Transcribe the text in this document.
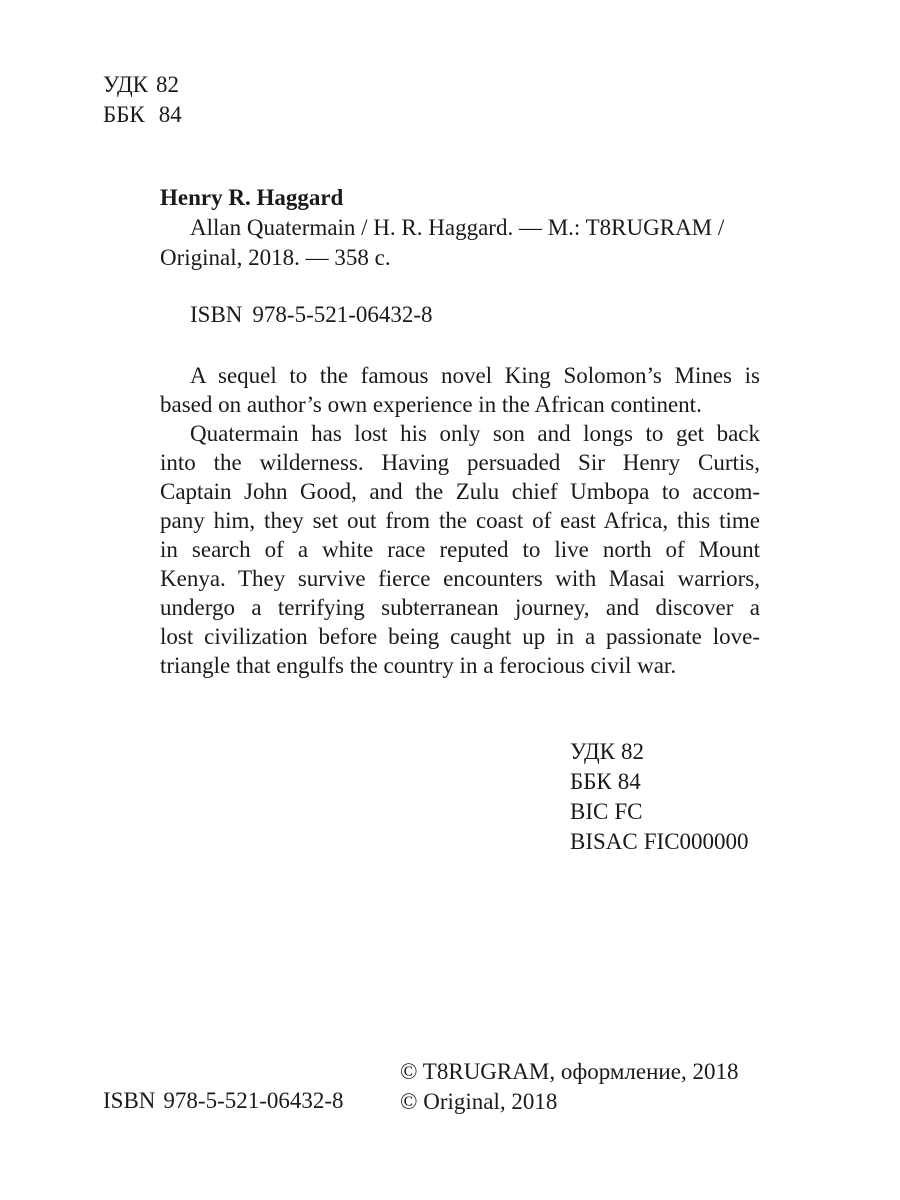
УДК 82
ББК 84
Henry R. Haggard
Allan Quatermain / H. R. Haggard. — M.: T8RUGRAM /
Original, 2018. — 358 c.
ISBN 978-5-521-06432-8
A sequel to the famous novel King Solomon’s Mines is
based on author’s own experience in the African continent.
Quatermain has lost his only son and longs to get back
into the wilderness. Having persuaded Sir Henry Curtis,
Captain John Good, and the Zulu chief Umbopa to accom-
pany him, they set out from the coast of east Africa, this time
in search of a white race reputed to live north of Mount
Kenya. They survive fierce encounters with Masai warriors,
undergo a terrifying subterranean journey, and discover a
lost civilization before being caught up in a passionate love-
triangle that engulfs the country in a ferocious civil war.
УДК 82
ББК 84
BIC FC
BISAC FIC000000
ISBN 978-5-521-06432-8
© T8RUGRAM, оформление, 2018
© Original, 2018
